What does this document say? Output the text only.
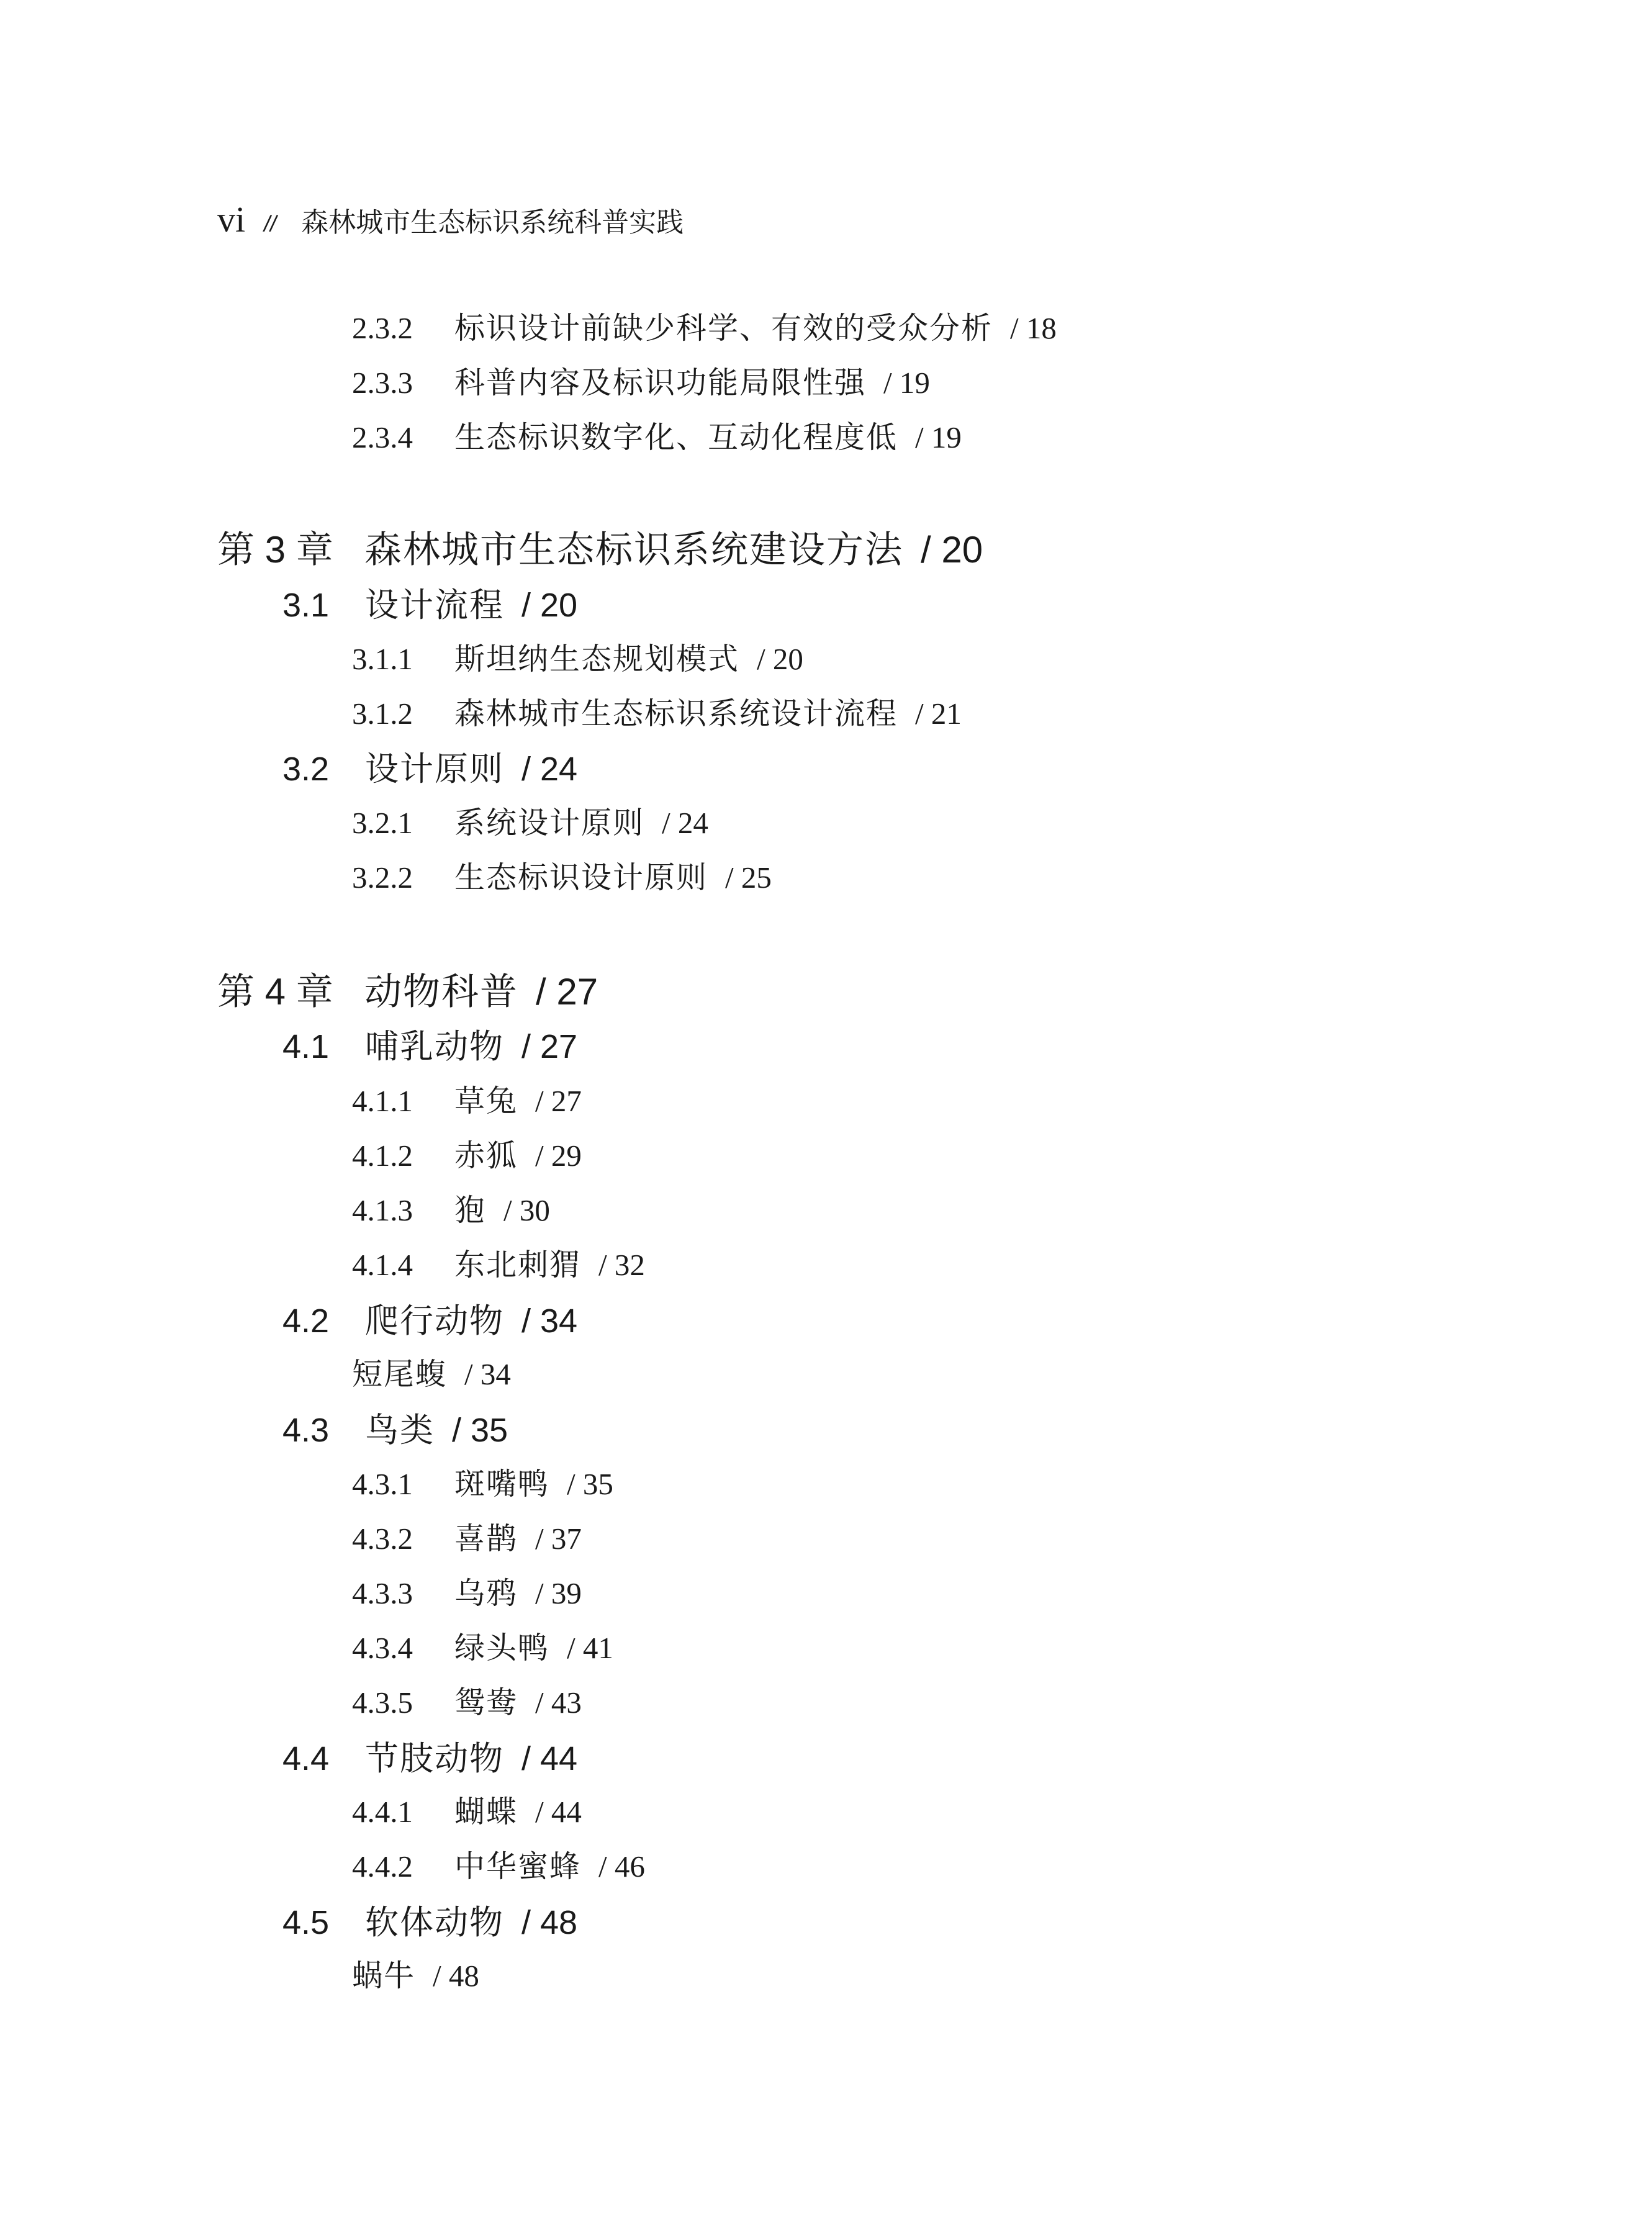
vi // 森林城市生态标识系统科普实践
2.3.2	标识设计前缺少科学、有效的受众分析 / 18
2.3.3	科普内容及标识功能局限性强 / 19
2.3.4	生态标识数字化、互动化程度低 / 19
第 3 章 森林城市生态标识系统建设方法 / 20
3.1	设计流程 / 20
3.1.1	斯坦纳生态规划模式 / 20
3.1.2	森林城市生态标识系统设计流程 / 21
3.2	设计原则 / 24
3.2.1	系统设计原则 / 24
3.2.2	生态标识设计原则 / 25
第 4 章 动物科普 / 27
4.1	哺乳动物 / 27
4.1.1	草兔 / 27
4.1.2	赤狐 / 29
4.1.3	狍 / 30
4.1.4	东北刺猬 / 32
4.2	爬行动物 / 34
短尾蝮 / 34
4.3	鸟类 / 35
4.3.1	斑嘴鸭 / 35
4.3.2	喜鹊 / 37
4.3.3	乌鸦 / 39
4.3.4	绿头鸭 / 41
4.3.5	鸳鸯 / 43
4.4	节肢动物 / 44
4.4.1	蝴蝶 / 44
4.4.2	中华蜜蜂 / 46
4.5	软体动物 / 48
蜗牛 / 48
